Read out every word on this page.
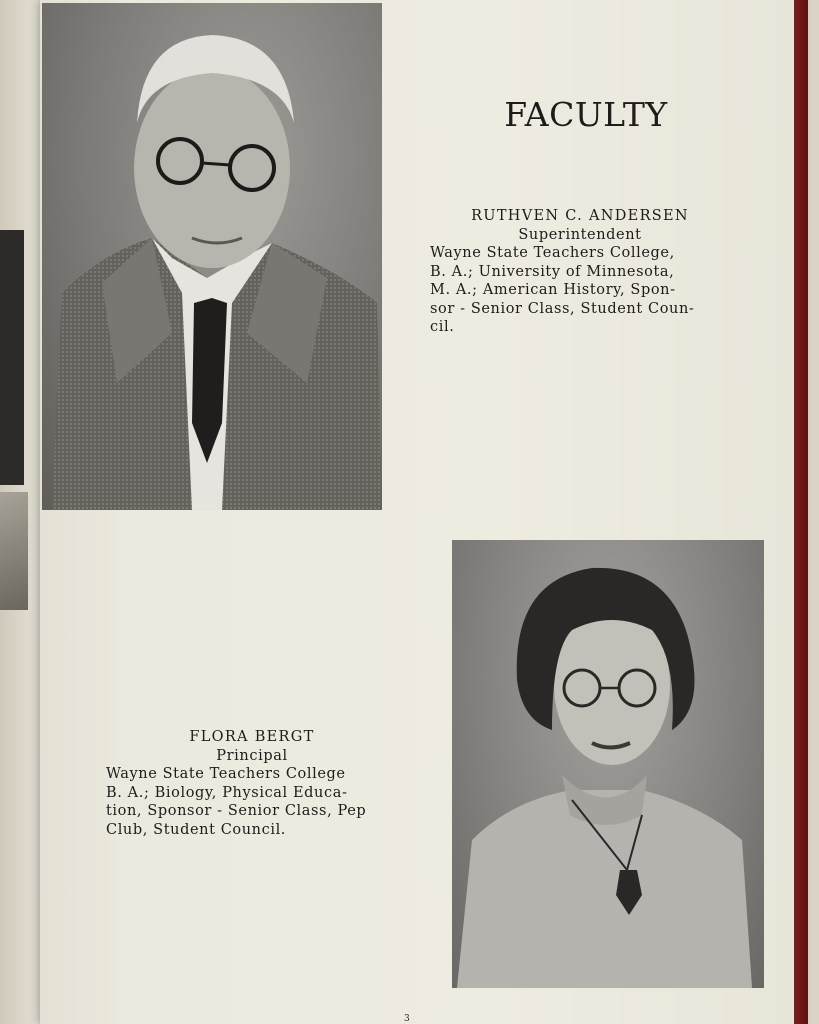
FACULTY
RUTHVEN C. ANDERSEN
Superintendent
Wayne State Teachers College,
B. A.; University of Minnesota,
M. A.; American History, Spon-
sor - Senior Class, Student Coun-
cil.
FLORA BERGT
Principal
Wayne State Teachers College
B. A.; Biology, Physical Educa-
tion, Sponsor - Senior Class, Pep
Club, Student Council.
3
